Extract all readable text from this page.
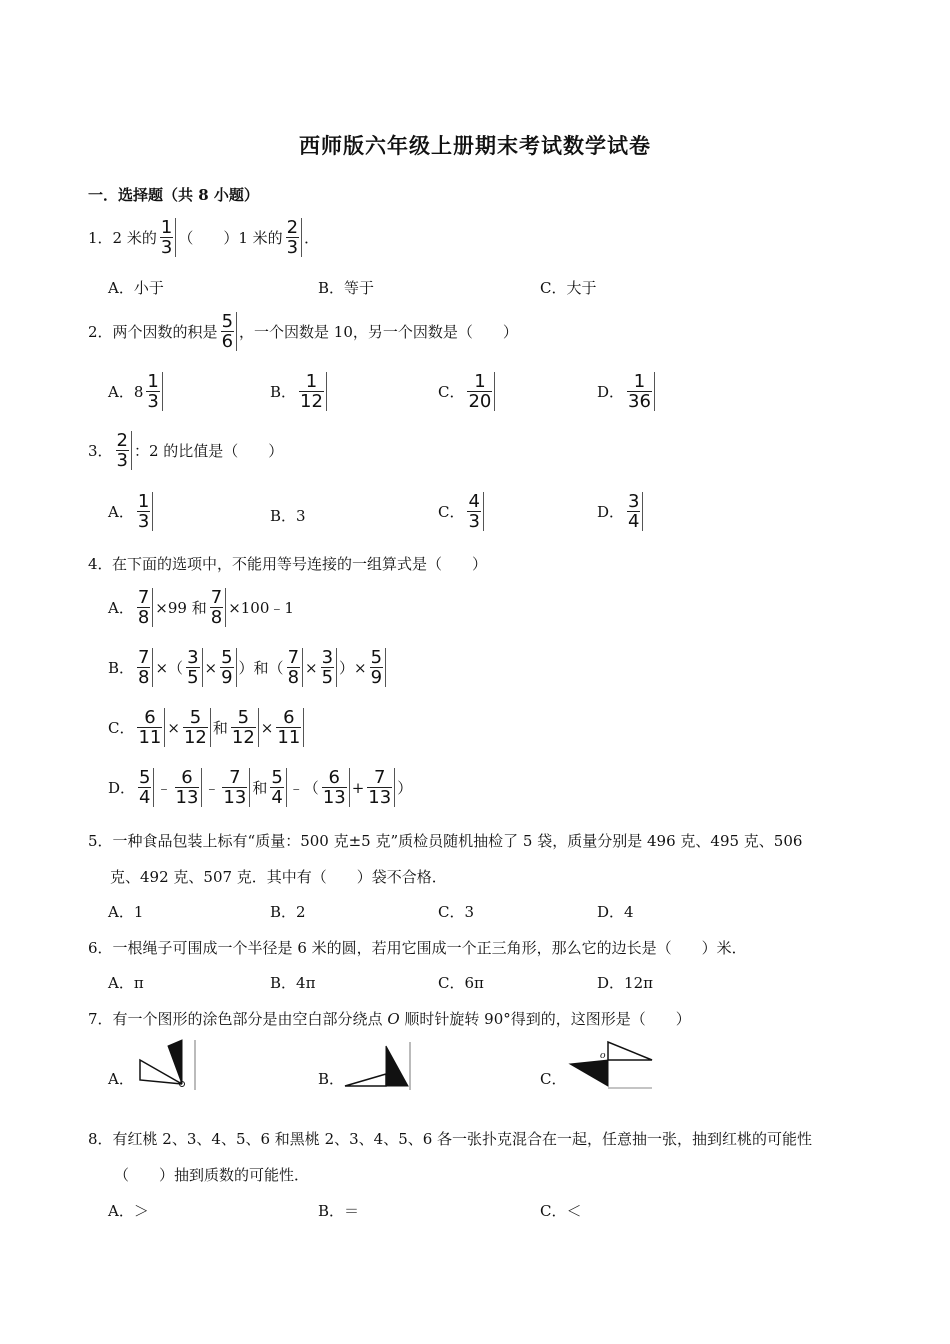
西师版六年级上册期末考试数学试卷
一．选择题（共 8 小题）
1． 2 米的 $\frac{1}{3}$ （　　）1 米的 $\frac{2}{3}$ ．
A．小于	B．等于	C．大于
2． 两个因数的积是 $\frac{5}{6}$ ，一个因数是 10，另一个因数是（　　）
A． $8 \frac{1}{3}$	B． $\frac{1}{12}$	C． $\frac{1}{20}$	D． $\frac{1}{36}$
3． $\frac{2}{3}$ ：2 的比值是（　　）
A． $\frac{1}{3}$	B．3	C． $\frac{4}{3}$	D． $\frac{3}{4}$
在下面的选项中，不能用等号连接的一组算式是（　　）
4．
A． $\frac{7}{8} \times 99$ 和 $\frac{7}{8}$ ×100﹣1
B． $\frac{7}{8}$ ×（ $\frac{3}{5} \times \frac{5}{9}$ ）和（ $\frac{7}{8} \times \frac{3}{5}$ ）× $\frac{5}{9}$
C． $\frac{6}{11} \times \frac{5}{12}$ 和 $\frac{5}{12} \times \frac{6}{11}$
D． $\frac{5}{4}$ ﹣ $\frac{6}{13}$ ﹣ $\frac{7}{13}$ 和 $\frac{5}{4}$ ﹣（ $\frac{6}{13} + \frac{7}{13}$ ）
5．一种食品包装上标有“质量：500 克±5 克”质检员随机抽检了 5 袋，质量分别是 496 克、495 克、506
克、492 克、507 克．其中有（　　）袋不合格．
A．1	B．2	C．3	D．4
6．一根绳子可围成一个半径是 6 米的圆，若用它围成一个正三角形，那么它的边长是（　　）米．
A．π	B．4π	C．6π	D．12π
7．有一个图形的涂色部分是由空白部分绕点 O 顺时针旋转 90°得到的，这图形是（　　）
A．	B．	C．
o
8．有红桃 2、3、4、5、6 和黑桃 2、3、4、5、6 各一张扑克混合在一起，任意抽一张，抽到红桃的可能性
（　　）抽到质数的可能性．
A．＞	B．＝	C．＜
